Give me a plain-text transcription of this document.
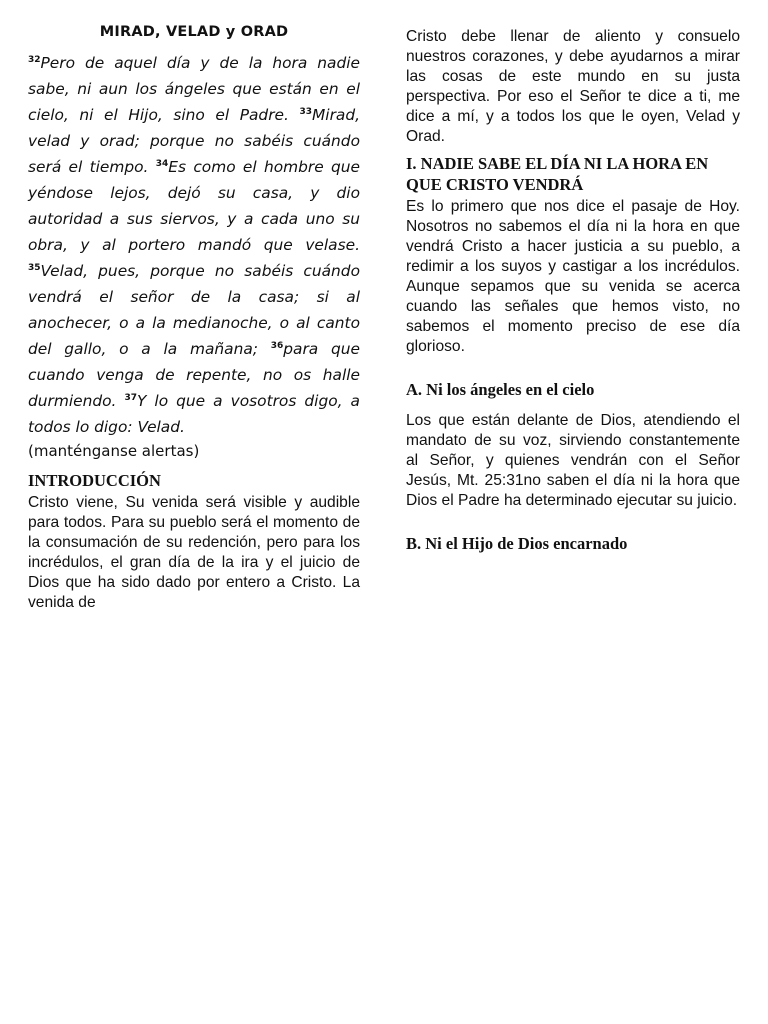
MIRAD, VELAD y ORAD

$^{32}$Pero de aquel día y de la hora nadie sabe, ni aun los ángeles que están en el cielo, ni el Hijo, sino el Padre. $^{33}$Mirad, velad y orad; porque no sabéis cuándo será el tiempo. $^{34}$Es como el hombre que yéndose lejos, dejó su casa, y dio autoridad a sus siervos, y a cada uno su obra, y al portero mandó que velase. $^{35}$Velad, pues, porque no sabéis cuándo vendrá el señor de la casa; si al anochecer, o a la medianoche, o al canto del gallo, o a la mañana; $^{36}$para que cuando venga de repente, no os halle durmiendo. $^{37}$Y lo que a vosotros digo, a todos lo digo: Velad.

(manténganse alertas)

INTRODUCCIÓN

Cristo viene, Su venida será visible y audible para todos. Para su pueblo será el momento de la consumación de su redención, pero para los incrédulos, el gran día de la ira y el juicio de Dios que ha sido dado por entero a Cristo. La venida de

Cristo debe llenar de aliento y consuelo nuestros corazones, y debe ayudarnos a mirar las cosas de este mundo en su justa perspectiva. Por eso el Señor te dice a ti, me dice a mí, y a todos los que le oyen, Velad y Orad.

I. NADIE SABE EL DÍA NI LA HORA EN QUE CRISTO VENDRÁ

Es lo primero que nos dice el pasaje de Hoy. Nosotros no sabemos el día ni la hora en que vendrá Cristo a hacer justicia a su pueblo, a redimir a los suyos y castigar a los incrédulos. Aunque sepamos que su venida se acerca cuando las señales que hemos visto, no sabemos el momento preciso de ese día glorioso.

A. Ni los ángeles en el cielo

Los que están delante de Dios, atendiendo el mandato de su voz, sirviendo constantemente al Señor, y quienes vendrán con el Señor Jesús, Mt. 25:31no saben el día ni la hora que Dios el Padre ha determinado ejecutar su juicio.

B. Ni el Hijo de Dios encarnado
